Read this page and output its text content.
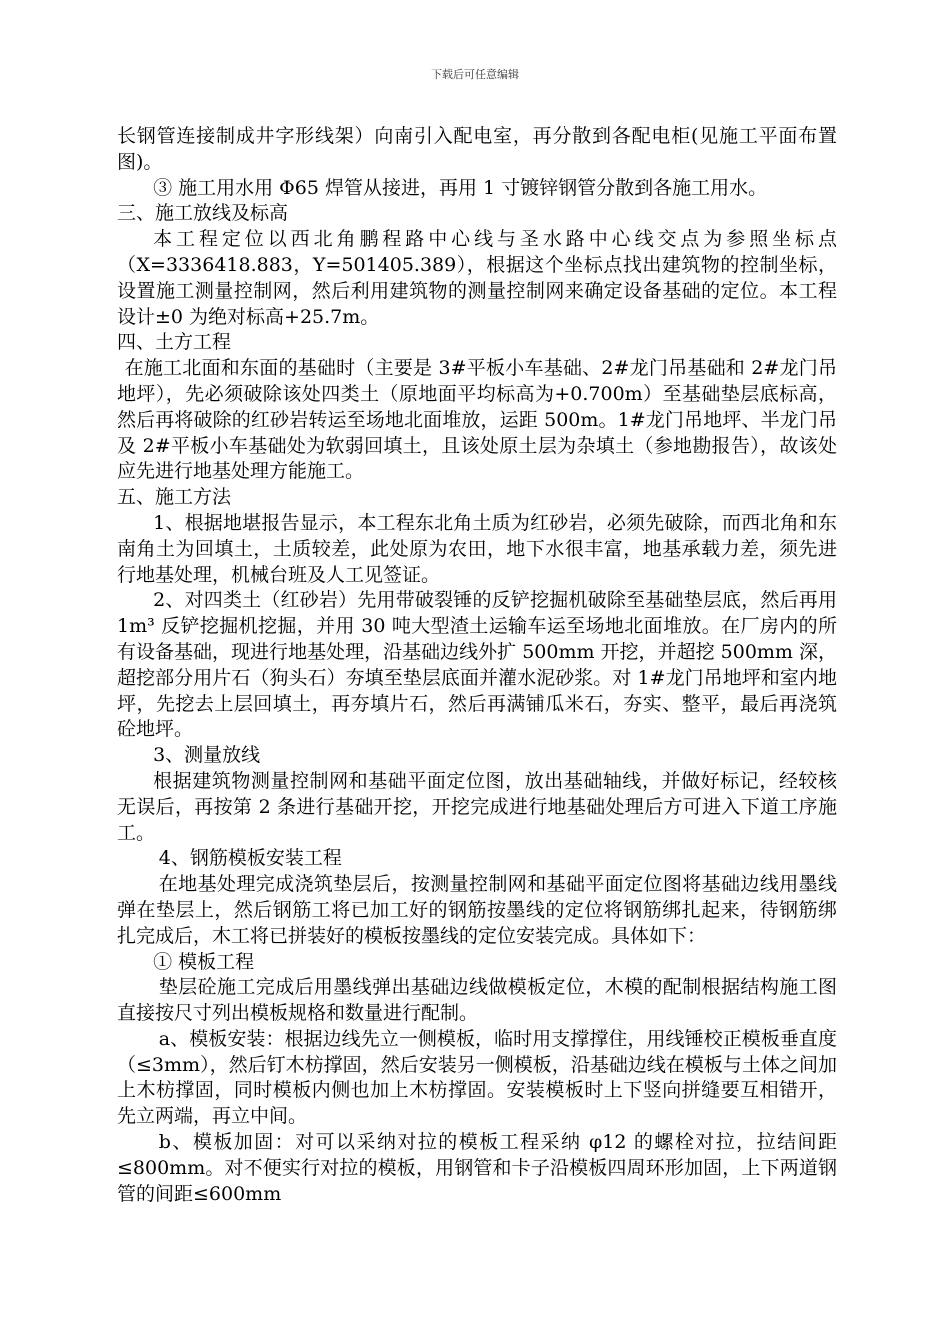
下载后可任意编辑

长钢管连接制成井字形线架）向南引入配电室，再分散到各配电柜(见施工平面布置图)。

③ 施工用水用 Φ65 焊管从接进，再用 1 寸镀锌钢管分散到各施工用水。

三、施工放线及标高

本工程定位以西北角鹏程路中心线与圣水路中心线交点为参照坐标点（X=3336418.883，Y=501405.389），根据这个坐标点找出建筑物的控制坐标，设置施工测量控制网，然后利用建筑物的测量控制网来确定设备基础的定位。本工程设计±0 为绝对标高+25.7m。

四、土方工程

在施工北面和东面的基础时（主要是 3#平板小车基础、2#龙门吊基础和 2#龙门吊地坪），先必须破除该处四类土（原地面平均标高为+0.700m）至基础垫层底标高，然后再将破除的红砂岩转运至场地北面堆放，运距 500m。1#龙门吊地坪、半龙门吊及 2#平板小车基础处为软弱回填土，且该处原土层为杂填土（参地勘报告），故该处应先进行地基处理方能施工。

五、施工方法

1、根据地堪报告显示，本工程东北角土质为红砂岩，必须先破除，而西北角和东南角土为回填土，土质较差，此处原为农田，地下水很丰富，地基承载力差，须先进行地基处理，机械台班及人工见签证。

2、对四类土（红砂岩）先用带破裂锤的反铲挖掘机破除至基础垫层底，然后再用 1m³ 反铲挖掘机挖掘，并用 30 吨大型渣土运输车运至场地北面堆放。在厂房内的所有设备基础，现进行地基处理，沿基础边线外扩 500mm 开挖，并超挖 500mm 深，超挖部分用片石（狗头石）夯填至垫层底面并灌水泥砂浆。对 1#龙门吊地坪和室内地坪，先挖去上层回填土，再夯填片石，然后再满铺瓜米石，夯实、整平，最后再浇筑砼地坪。

3、测量放线

根据建筑物测量控制网和基础平面定位图，放出基础轴线，并做好标记，经较核无误后，再按第 2 条进行基础开挖，开挖完成进行地基础处理后方可进入下道工序施工。

4、钢筋模板安装工程

在地基处理完成浇筑垫层后，按测量控制网和基础平面定位图将基础边线用墨线弹在垫层上，然后钢筋工将已加工好的钢筋按墨线的定位将钢筋绑扎起来，待钢筋绑扎完成后，木工将已拼装好的模板按墨线的定位安装完成。具体如下：

① 模板工程

垫层砼施工完成后用墨线弹出基础边线做模板定位，木模的配制根据结构施工图直接按尺寸列出模板规格和数量进行配制。

a、模板安装：根据边线先立一侧模板，临时用支撑撑住，用线锤校正模板垂直度（≤3mm），然后钉木枋撑固，然后安装另一侧模板，沿基础边线在模板与土体之间加上木枋撑固，同时模板内侧也加上木枋撑固。安装模板时上下竖向拼缝要互相错开，先立两端，再立中间。

b、模板加固：对可以采纳对拉的模板工程采纳 φ12 的螺栓对拉，拉结间距≤800mm。对不便实行对拉的模板，用钢管和卡子沿模板四周环形加固，上下两道钢管的间距≤600mm
